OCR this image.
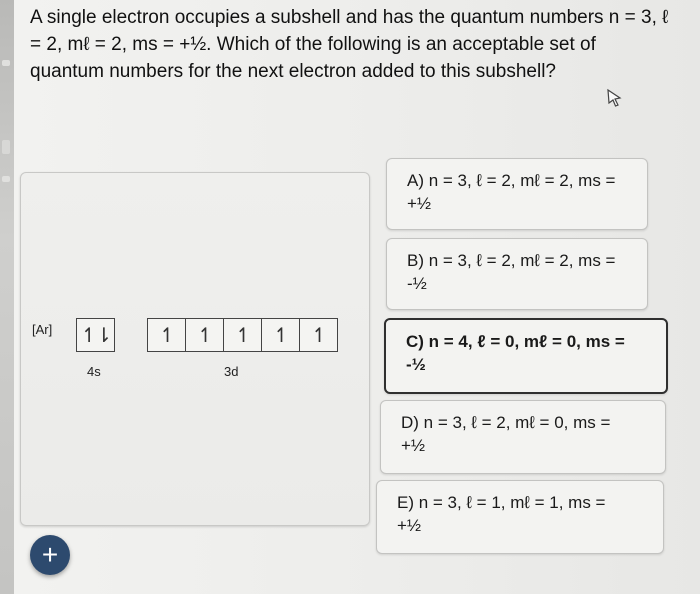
A single electron occupies a subshell and has the quantum numbers n = 3, ℓ = 2, mℓ = 2, ms = +½. Which of the following is an acceptable set of quantum numbers for the next electron added to this subshell?
[Ar] ↿⇂
4s
↿	↿	↿	↿	↿
3d
A) n = 3, ℓ = 2, mℓ = 2, ms =
+½
B) n = 3, ℓ = 2, mℓ = 2, ms =
-½
C) n = 4, ℓ = 0, mℓ = 0, ms =
-½
D) n = 3, ℓ = 2, mℓ = 0, ms =
+½
E) n = 3, ℓ = 1, mℓ = 1, ms =
+½
+
